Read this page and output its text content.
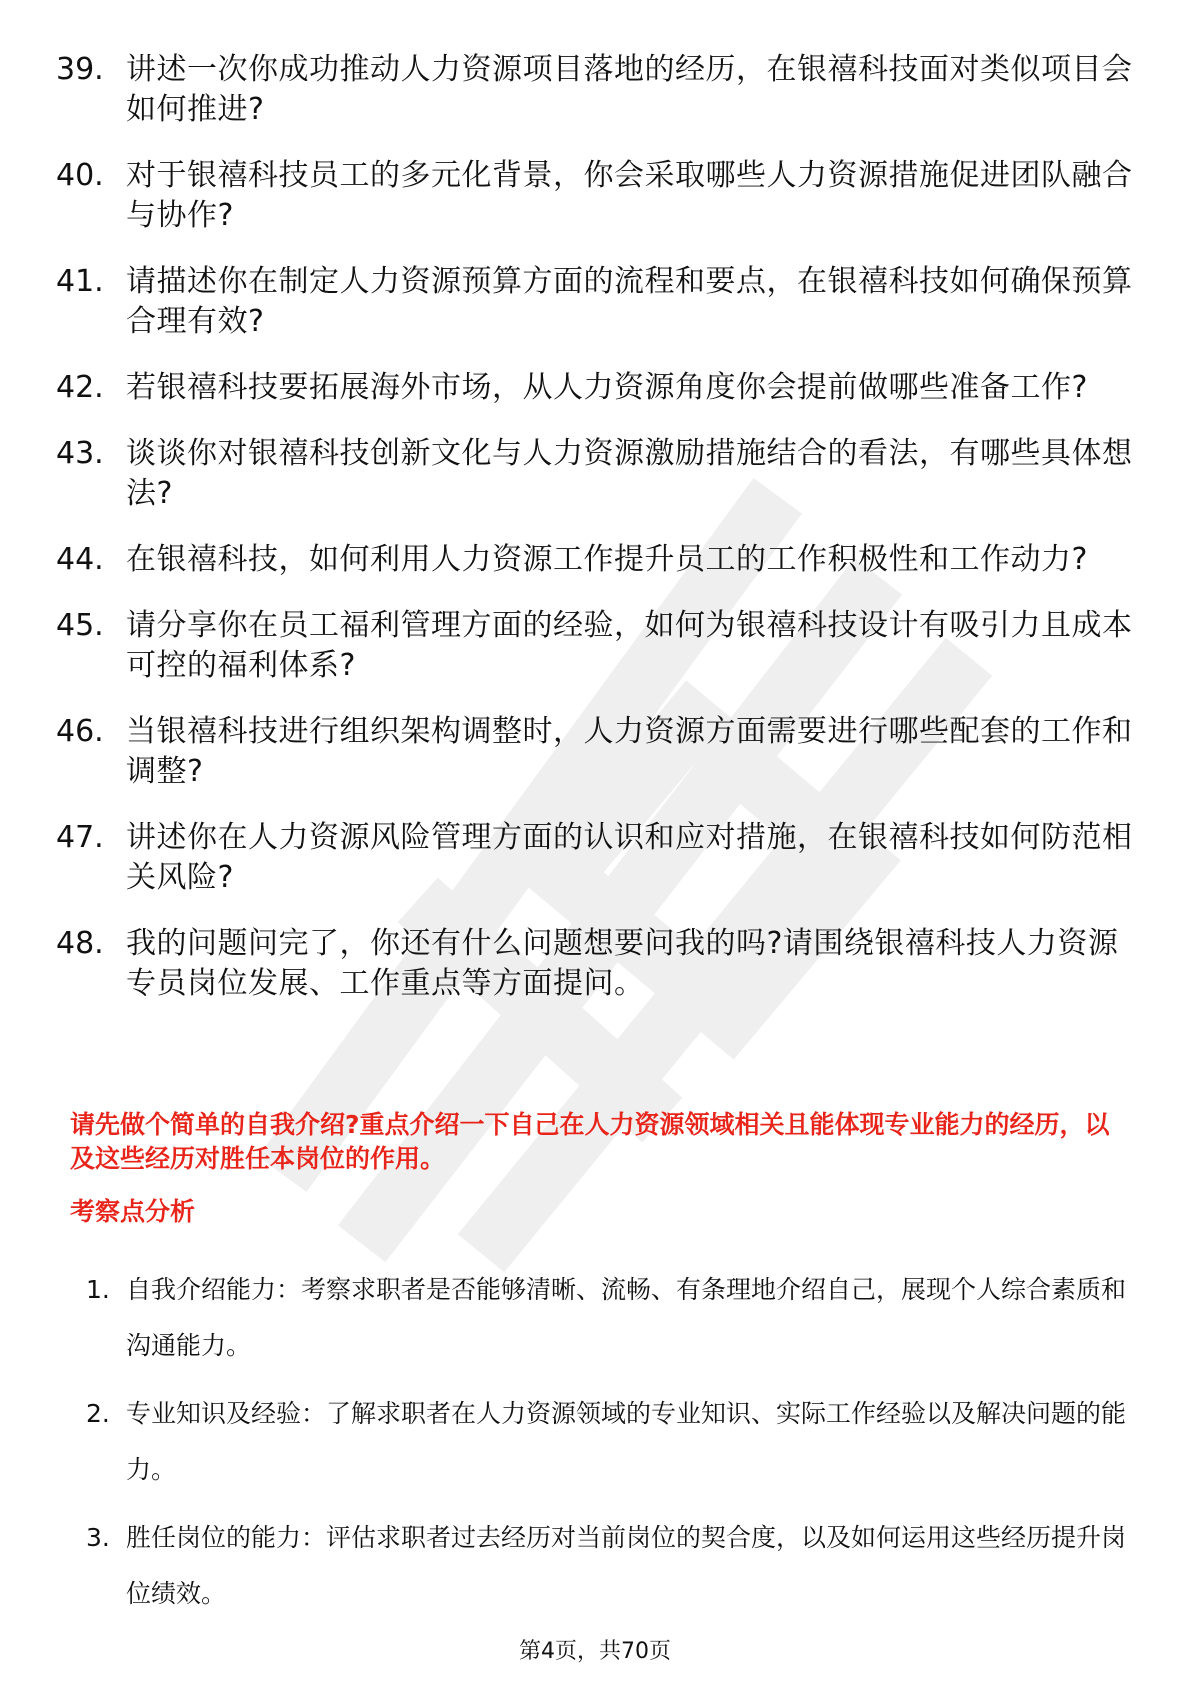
39. 讲述一次你成功推动人力资源项目落地的经历，在银禧科技面对类似项目会如何推进?
40. 对于银禧科技员工的多元化背景，你会采取哪些人力资源措施促进团队融合与协作?
41. 请描述你在制定人力资源预算方面的流程和要点，在银禧科技如何确保预算合理有效?
42. 若银禧科技要拓展海外市场，从人力资源角度你会提前做哪些准备工作?
43. 谈谈你对银禧科技创新文化与人力资源激励措施结合的看法，有哪些具体想法?
44. 在银禧科技，如何利用人力资源工作提升员工的工作积极性和工作动力?
45. 请分享你在员工福利管理方面的经验，如何为银禧科技设计有吸引力且成本可控的福利体系?
46. 当银禧科技进行组织架构调整时，人力资源方面需要进行哪些配套的工作和调整?
47. 讲述你在人力资源风险管理方面的认识和应对措施，在银禧科技如何防范相关风险?
48. 我的问题问完了，你还有什么问题想要问我的吗?请围绕银禧科技人力资源专员岗位发展、工作重点等方面提问。
请先做个简单的自我介绍?重点介绍一下自己在人力资源领域相关且能体现专业能力的经历，以及这些经历对胜任本岗位的作用。
考察点分析
1. 自我介绍能力：考察求职者是否能够清晰、流畅、有条理地介绍自己，展现个人综合素质和沟通能力。
2. 专业知识及经验：了解求职者在人力资源领域的专业知识、实际工作经验以及解决问题的能力。
3. 胜任岗位的能力：评估求职者过去经历对当前岗位的契合度，以及如何运用这些经历提升岗位绩效。
第4页，共70页
